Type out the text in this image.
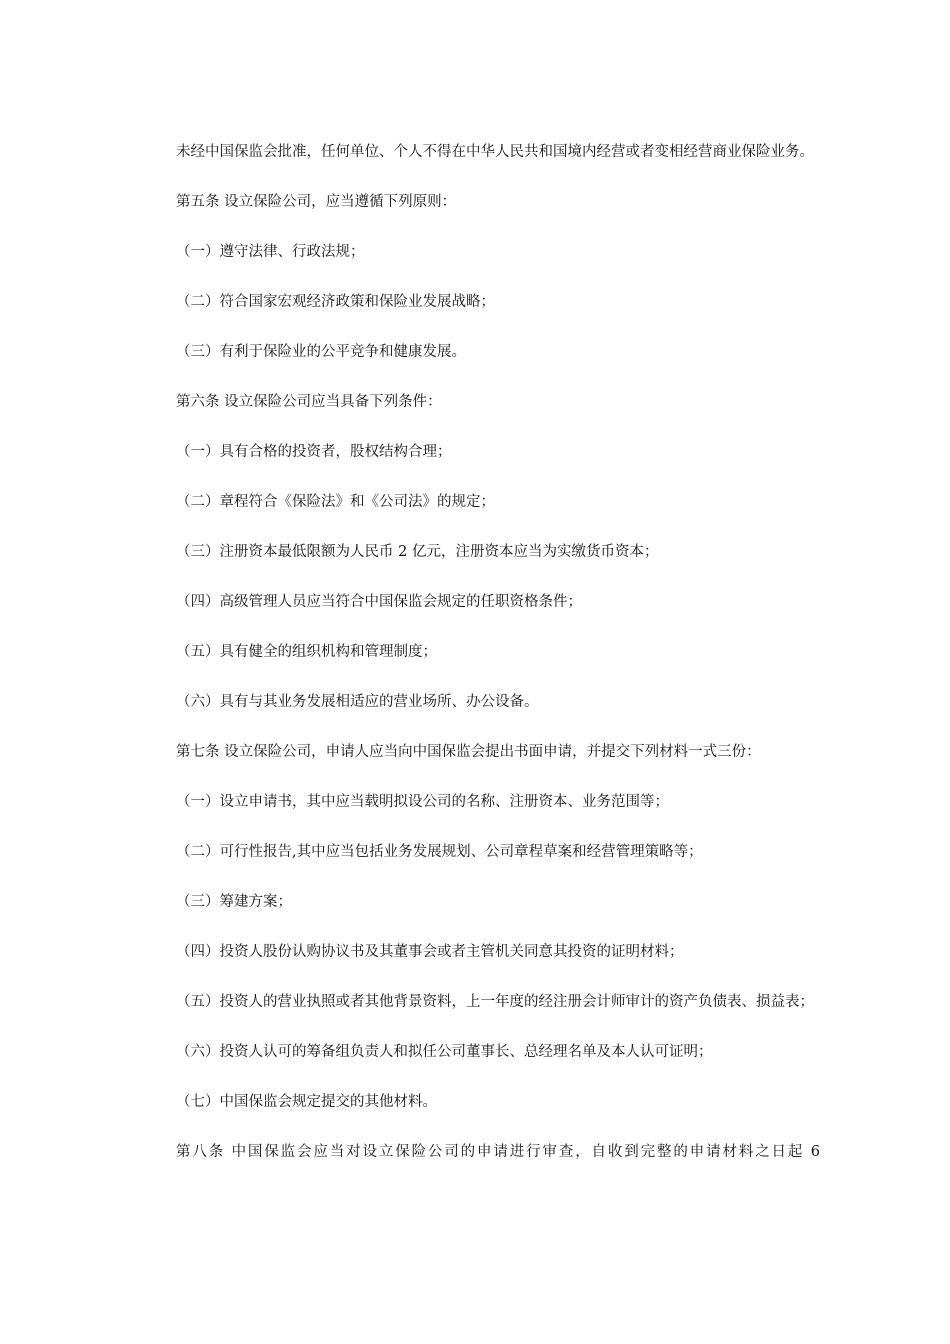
未经中国保监会批准，任何单位、个人不得在中华人民共和国境内经营或者变相经营商业保险业务。

第五条 设立保险公司，应当遵循下列原则：

（一）遵守法律、行政法规；

（二）符合国家宏观经济政策和保险业发展战略；

（三）有利于保险业的公平竞争和健康发展。

第六条 设立保险公司应当具备下列条件：

（一）具有合格的投资者，股权结构合理；

（二）章程符合《保险法》和《公司法》的规定；

（三）注册资本最低限额为人民币 2 亿元，注册资本应当为实缴货币资本；

（四）高级管理人员应当符合中国保监会规定的任职资格条件；

（五）具有健全的组织机构和管理制度；

（六）具有与其业务发展相适应的营业场所、办公设备。

第七条 设立保险公司，申请人应当向中国保监会提出书面申请，并提交下列材料一式三份：

（一）设立申请书，其中应当载明拟设公司的名称、注册资本、业务范围等；

（二）可行性报告,其中应当包括业务发展规划、公司章程草案和经营管理策略等；

（三）筹建方案；

（四）投资人股份认购协议书及其董事会或者主管机关同意其投资的证明材料；

（五）投资人的营业执照或者其他背景资料，上一年度的经注册会计师审计的资产负债表、损益表；

（六）投资人认可的筹备组负责人和拟任公司董事长、总经理名单及本人认可证明；

（七）中国保监会规定提交的其他材料。

第八条 中国保监会应当对设立保险公司的申请进行审查，自收到完整的申请材料之日起 6
